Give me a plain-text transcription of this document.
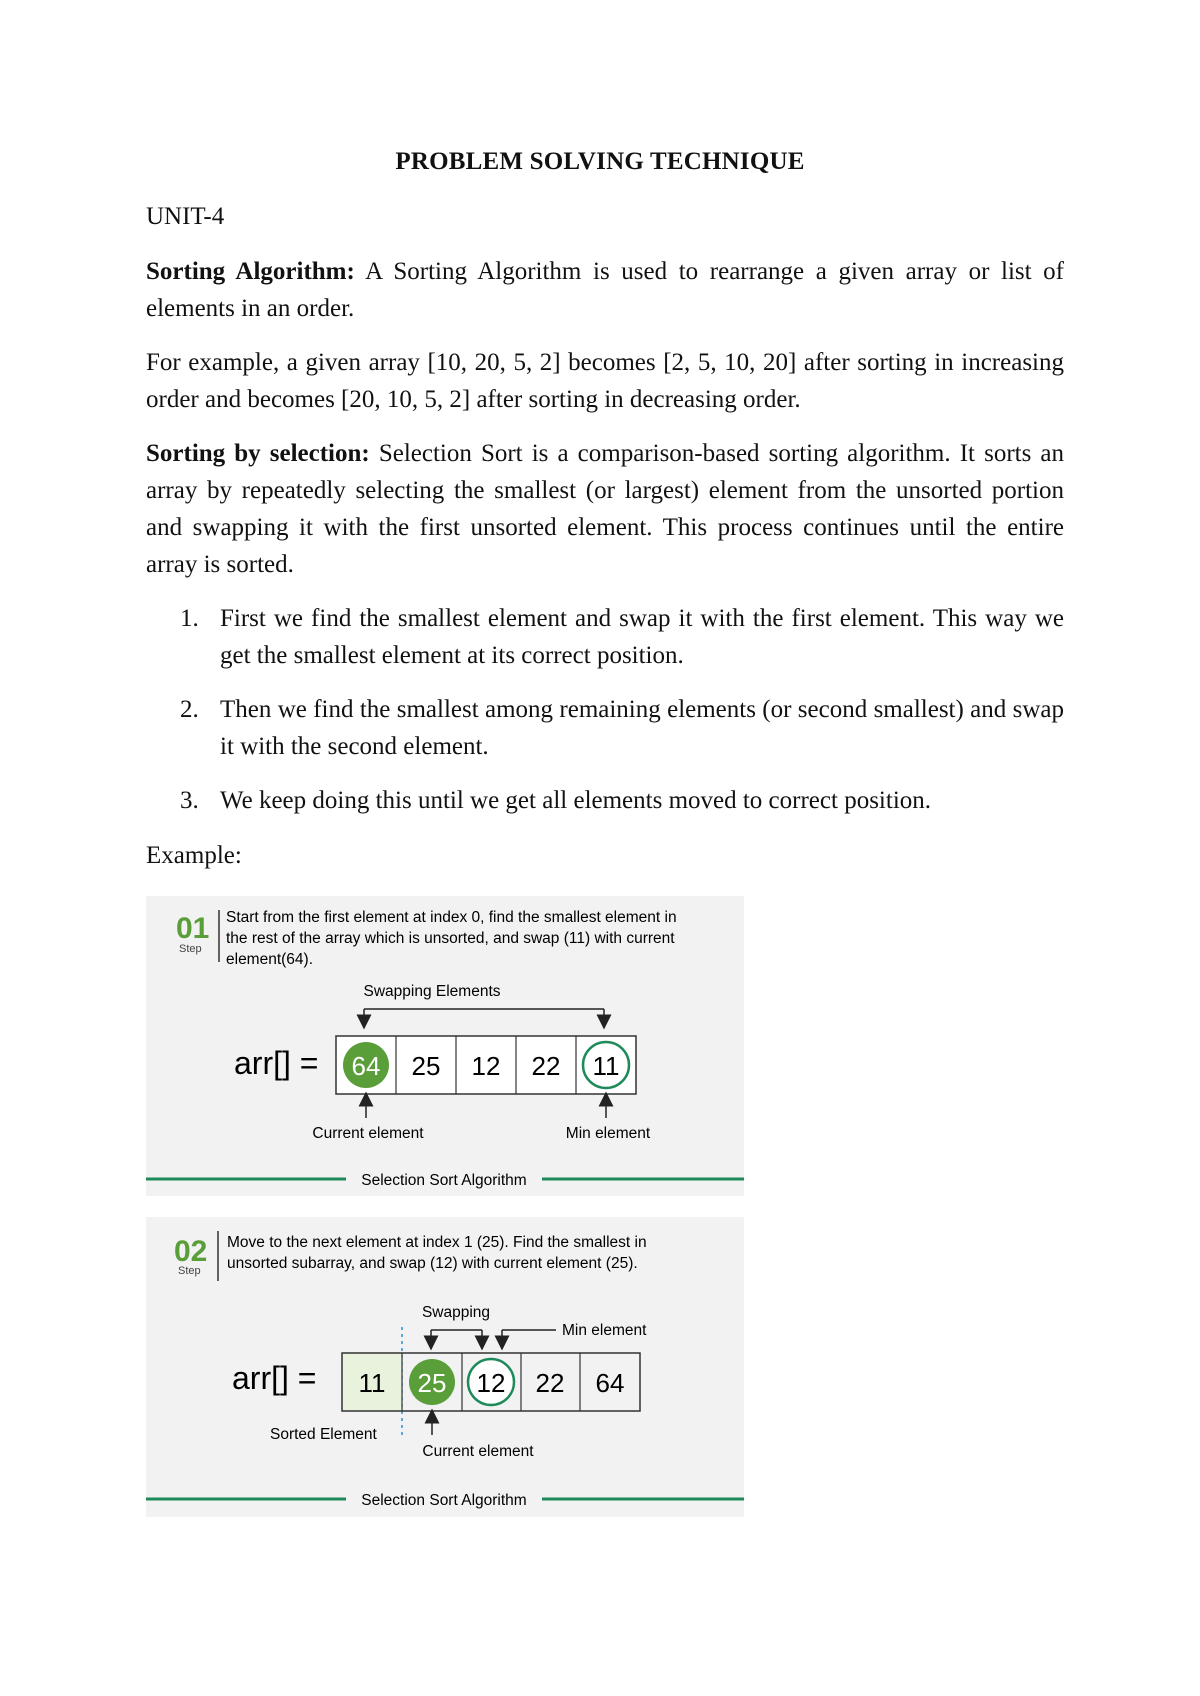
PROBLEM SOLVING TECHNIQUE
UNIT-4

Sorting Algorithm: A Sorting Algorithm is used to rearrange a given array or list of elements in an order.

For example, a given array [10, 20, 5, 2] becomes [2, 5, 10, 20] after sorting in increasing order and becomes [20, 10, 5, 2] after sorting in decreasing order.

Sorting by selection: Selection Sort is a comparison-based sorting algorithm. It sorts an array by repeatedly selecting the smallest (or largest) element from the unsorted portion and swapping it with the first unsorted element. This process continues until the entire array is sorted.

1. First we find the smallest element and swap it with the first element. This way we get the smallest element at its correct position.
2. Then we find the smallest among remaining elements (or second smallest) and swap it with the second element.
3. We keep doing this until we get all elements moved to correct position.
Example:
01
Step
Start from the first element at index 0, find the smallest element in
the rest of the array which is unsorted, and swap (11) with current
element(64).
Swapping Elements
arr[] = 64 25 12 22 11
Current element	Min element
Selection Sort Algorithm
02
Step
Move to the next element at index 1 (25). Find the smallest in
unsorted subarray, and swap (12) with current element (25).
Swapping
Min element
arr[] = 11 25 12 22 64
Sorted Element
Current element
Selection Sort Algorithm
